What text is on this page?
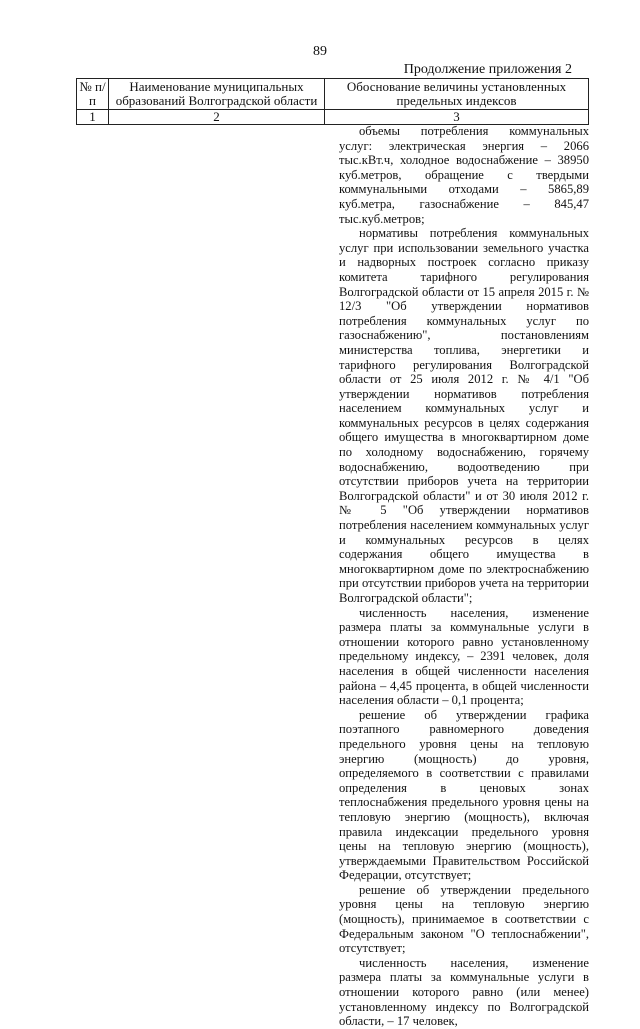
89
Продолжение приложения 2
№ п/п	Наименование муниципальных образований Волгоградской области	Обоснование величины установленных предельных индексов
1	2	3

объемы потребления коммунальных услуг: электрическая энергия – 2066 тыс.кВт.ч, холодное водоснабжение – 38950 куб.метров, обращение с твердыми коммунальными отходами – 5865,89 куб.метра, газоснабжение – 845,47 тыс.куб.метров;

нормативы потребления коммунальных услуг при использовании земельного участка и надворных построек согласно приказу комитета тарифного регулирования Волгоградской области от 15 апреля 2015 г. № 12/3 "Об утверждении нормативов потребления коммунальных услуг по газоснабжению", постановлениям министерства топлива, энергетики и тарифного регулирования Волгоградской области от 25 июля 2012 г. № 4/1 "Об утверждении нормативов потребления населением коммунальных услуг и коммунальных ресурсов в целях содержания общего имущества в многоквартирном доме по холодному водоснабжению, горячему водоснабжению, водоотведению при отсутствии приборов учета на территории Волгоградской области" и от 30 июля 2012 г. № 5 "Об утверждении нормативов потребления населением коммунальных услуг и коммунальных ресурсов в целях содержания общего имущества в многоквартирном доме по электроснабжению при отсутствии приборов учета на территории Волгоградской области";

численность населения, изменение размера платы за коммунальные услуги в отношении которого равно установленному предельному индексу, – 2391 человек, доля населения в общей численности населения района – 4,45 процента, в общей численности населения области – 0,1 процента;

решение об утверждении графика поэтапного равномерного доведения предельного уровня цены на тепловую энергию (мощность) до уровня, определяемого в соответствии с правилами определения в ценовых зонах теплоснабжения предельного уровня цены на тепловую энергию (мощность), включая правила индексации предельного уровня цены на тепловую энергию (мощность), утверждаемыми Правительством Российской Федерации, отсутствует;

решение об утверждении предельного уровня цены на тепловую энергию (мощность), принимаемое в соответствии с Федеральным законом "О теплоснабжении", отсутствует;

численность населения, изменение размера платы за коммунальные услуги в отношении которого равно (или менее) установленному индексу по Волгоградской области, – 17 человек,
